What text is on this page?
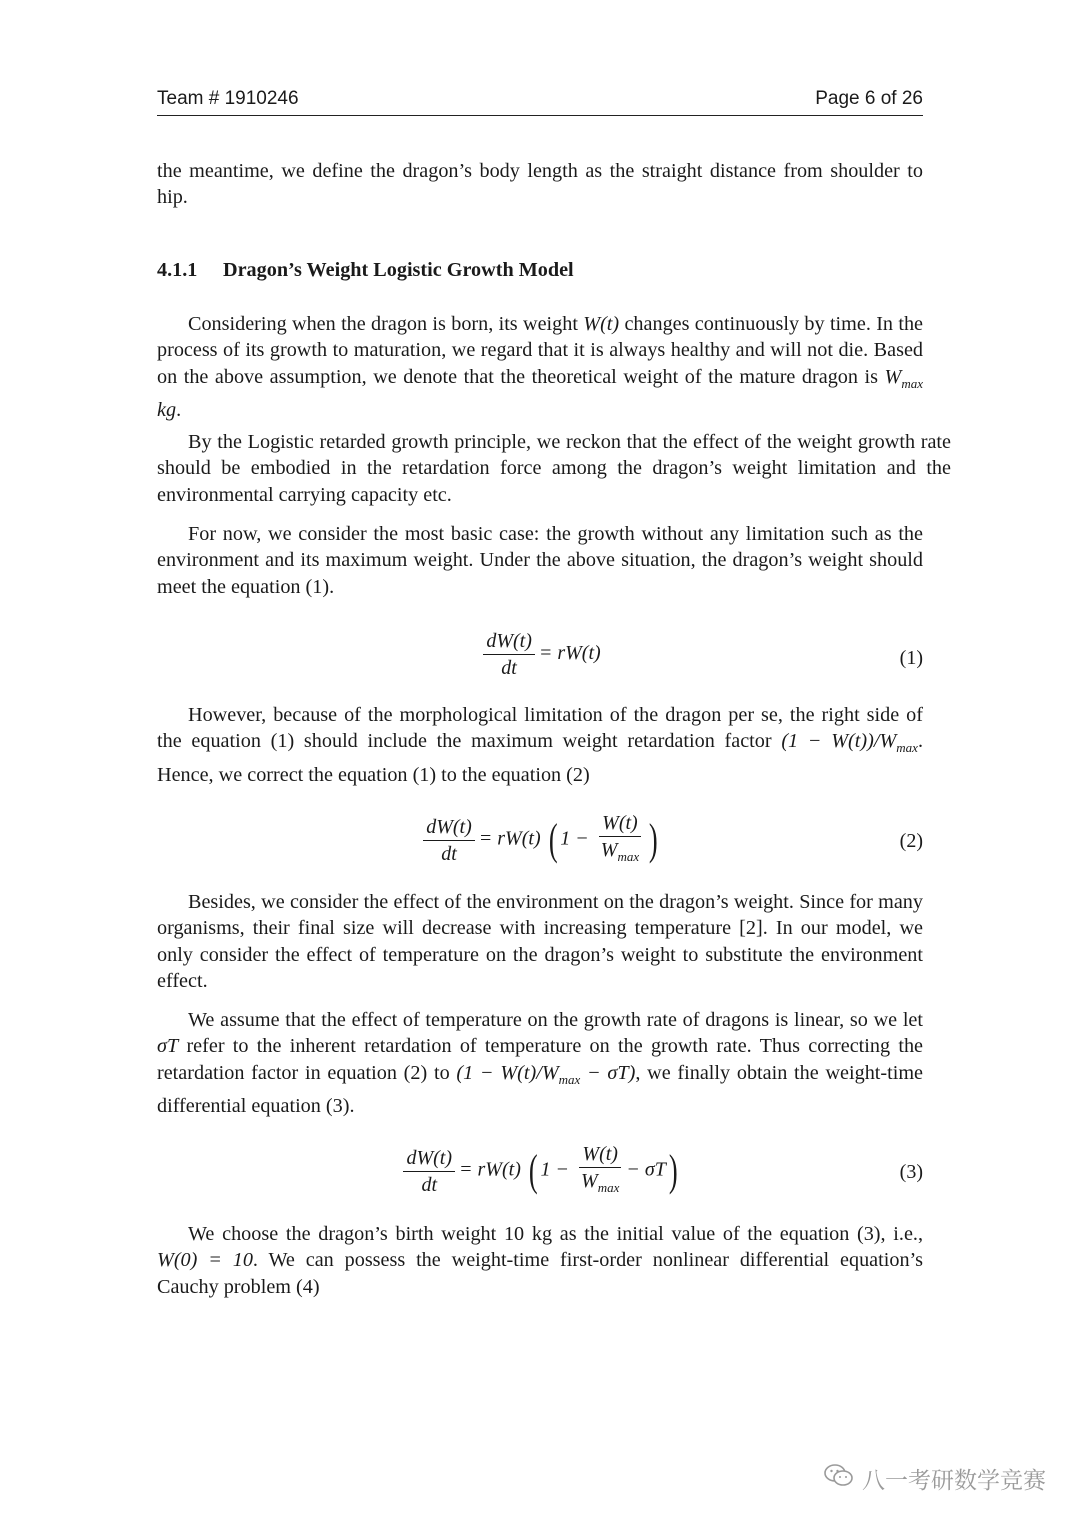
Team # 1910246	Page 6 of 26

the meantime, we define the dragon’s body length as the straight distance from shoulder to hip.

4.1.1 Dragon’s Weight Logistic Growth Model

Considering when the dragon is born, its weight W(t) changes continuously by time. In the process of its growth to maturation, we regard that it is always healthy and will not die. Based on the above assumption, we denote that the theoretical weight of the mature dragon is $W_{max}$ kg.

By the Logistic retarded growth principle, we reckon that the effect of the weight growth rate should be embodied in the retardation force among the dragon’s weight limitation and the environmental carrying capacity etc.

For now, we consider the most basic case: the growth without any limitation such as the environment and its maximum weight. Under the above situation, the dragon’s weight should meet the equation (1).

$\frac{dW(t)}{dt} = rW(t)$	(1)

However, because of the morphological limitation of the dragon per se, the right side of the equation (1) should include the maximum weight retardation factor $(1 - W(t))/W_{max}$. Hence, we correct the equation (1) to the equation (2)

$\frac{dW(t)}{dt} = rW(t)$ ( $1 - \frac{W(t)}{W_{max}}$ )	(2)

Besides, we consider the effect of the environment on the dragon’s weight. Since for many organisms, their final size will decrease with increasing temperature [2]. In our model, we only consider the effect of temperature on the dragon’s weight to substitute the environment effect.

We assume that the effect of temperature on the growth rate of dragons is linear, so we let σT refer to the inherent retardation of temperature on the growth rate. Thus correcting the retardation factor in equation (2) to $(1 - W(t)/W_{max} - \sigma T)$, we finally obtain the weight-time differential equation (3).

$\frac{dW(t)}{dt} = rW(t)$ ( $1 - \frac{W(t)}{W_{max}} - \sigma T$)	(3)

We choose the dragon’s birth weight 10 kg as the initial value of the equation (3), i.e., W(0) = 10. We can possess the weight-time first-order nonlinear differential equation’s Cauchy problem (4)

八一考研数学竞赛
